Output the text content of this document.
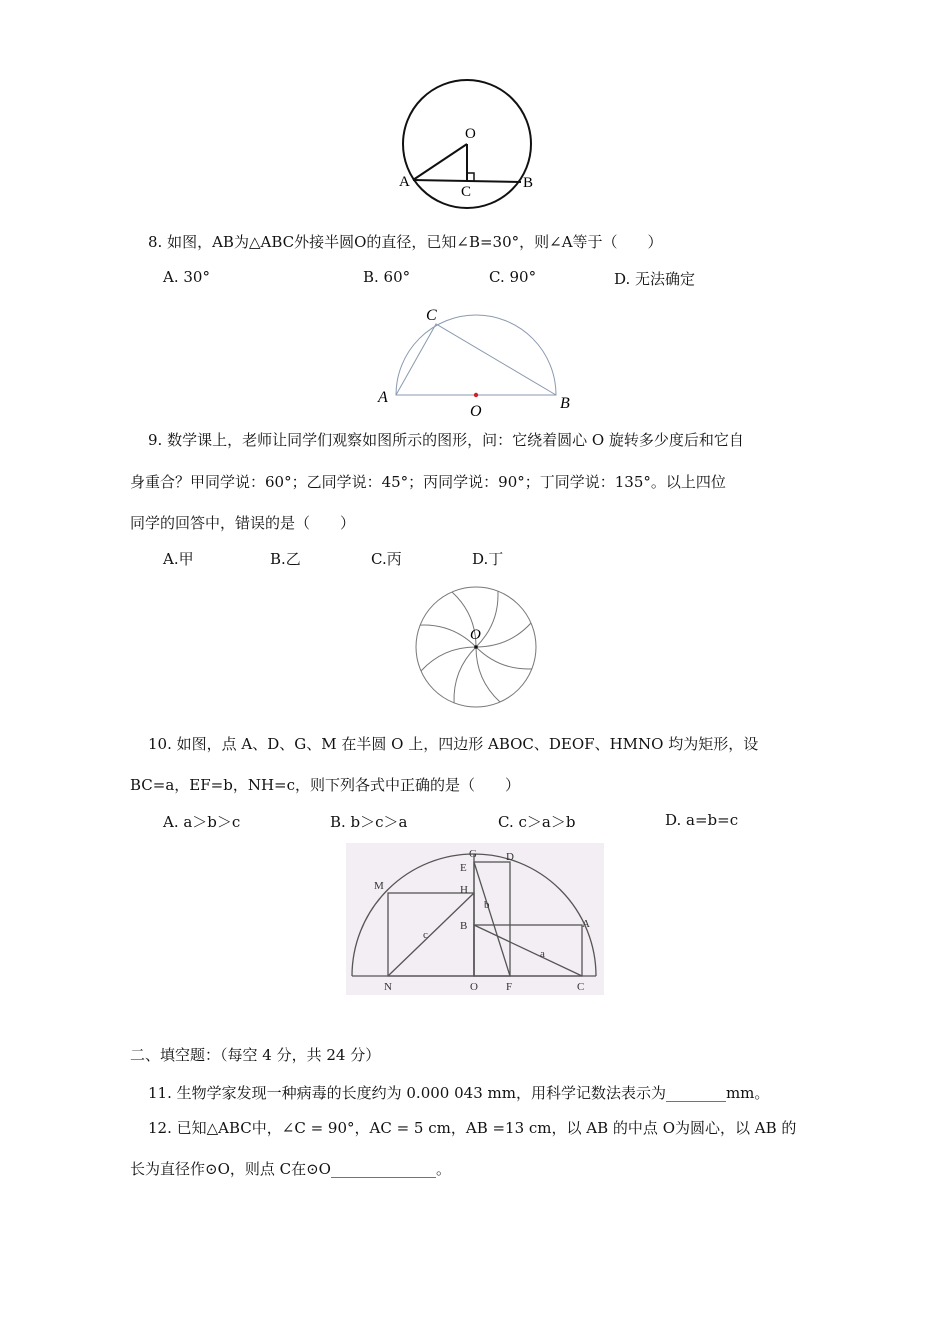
O
A
C
B
8. 如图，AB为△ABC外接半圆O的直径，已知∠B=30°，则∠A等于（　　）
A. 30°	B. 60°	C. 90°	D. 无法确定
C
A
O	B
9. 数学课上，老师让同学们观察如图所示的图形，问：它绕着圆心 O 旋转多少度后和它自
身重合？甲同学说：60°；乙同学说：45°；丙同学说：90°；丁同学说：135°。以上四位
同学的回答中，错误的是（　　）
A.甲	B.乙	C.丙	D.丁
O
10. 如图，点 A、D、G、M 在半圆 O 上，四边形 ABOC、DEOF、HMNO 均为矩形，设
BC=a，EF=b，NH=c，则下列各式中正确的是（　　）
A. a＞b＞c	B. b＞c＞a	C. c＞a＞b	D. a=b=c
G	D
E
M	H
B	A
N	O	F	C
a
b
c
二、填空题：（每空 4 分，共 24 分）
11. 生物学家发现一种病毒的长度约为 0.000 043 mm，用科学记数法表示为________mm。
12. 已知△ABC中，∠C = 90°，AC = 5 cm，AB =13 cm，以 AB 的中点 O为圆心，以 AB 的
长为直径作⊙O，则点 C在⊙O______________。
